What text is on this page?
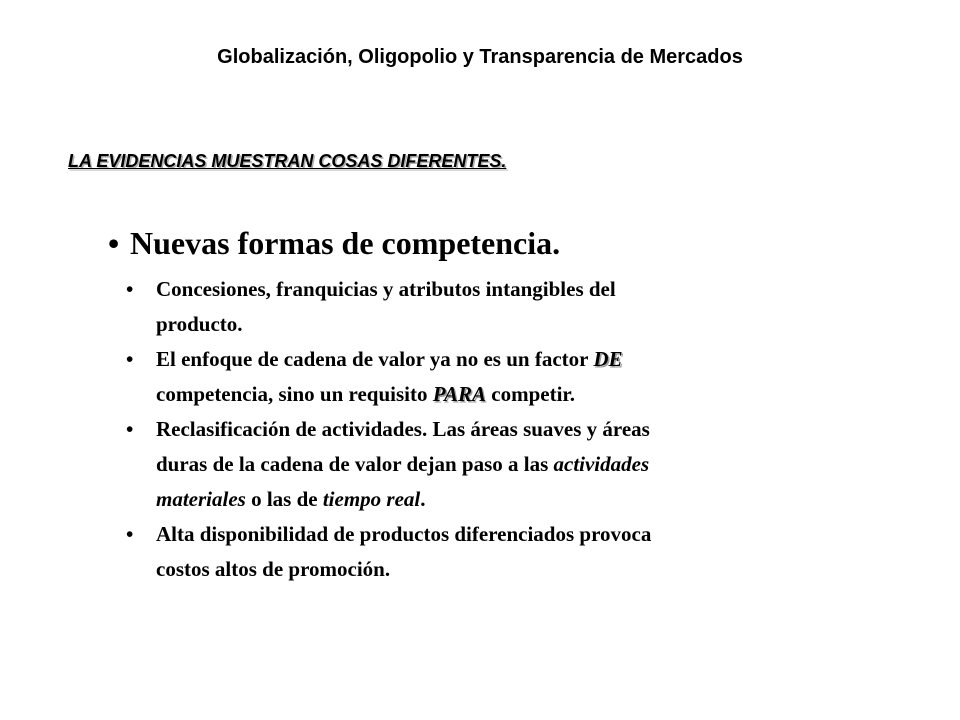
Globalización, Oligopolio y Transparencia de Mercados
LA EVIDENCIAS MUESTRAN COSAS DIFERENTES.
• Nuevas formas de competencia.
• Concesiones, franquicias y atributos intangibles del
producto.
• El enfoque de cadena de valor ya no es un factor DE
competencia, sino un requisito PARA competir.
• Reclasificación de actividades. Las áreas suaves y áreas
duras de la cadena de valor dejan paso a las actividades
materiales o las de tiempo real.
• Alta disponibilidad de productos diferenciados provoca
costos altos de promoción.
